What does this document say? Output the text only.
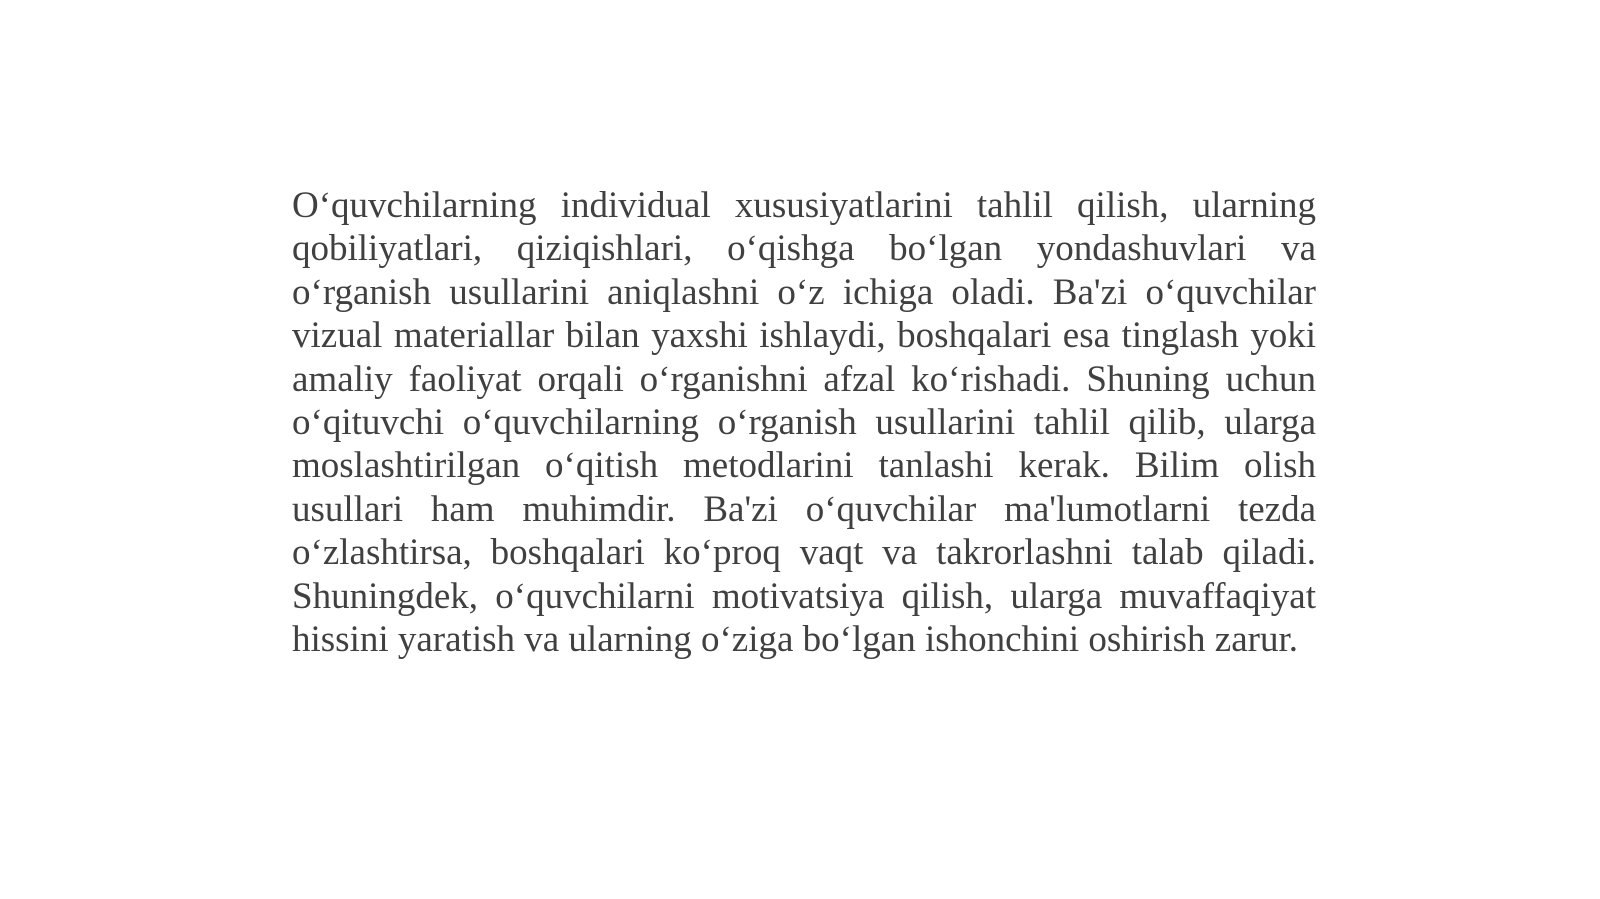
O‘quvchilarning individual xususiyatlarini tahlil qilish, ularning qobiliyatlari, qiziqishlari, o‘qishga bo‘lgan yondashuvlari va o‘rganish usullarini aniqlashni o‘z ichiga oladi. Ba'zi o‘quvchilar vizual materiallar bilan yaxshi ishlaydi, boshqalari esa tinglash yoki amaliy faoliyat orqali o‘rganishni afzal ko‘rishadi. Shuning uchun o‘qituvchi o‘quvchilarning o‘rganish usullarini tahlil qilib, ularga moslashtirilgan o‘qitish metodlarini tanlashi kerak. Bilim olish usullari ham muhimdir. Ba'zi o‘quvchilar ma'lumotlarni tezda o‘zlashtirsa, boshqalari ko‘proq vaqt va takrorlashni talab qiladi. Shuningdek, o‘quvchilarni motivatsiya qilish, ularga muvaffaqiyat hissini yaratish va ularning o‘ziga bo‘lgan ishonchini oshirish zarur.
